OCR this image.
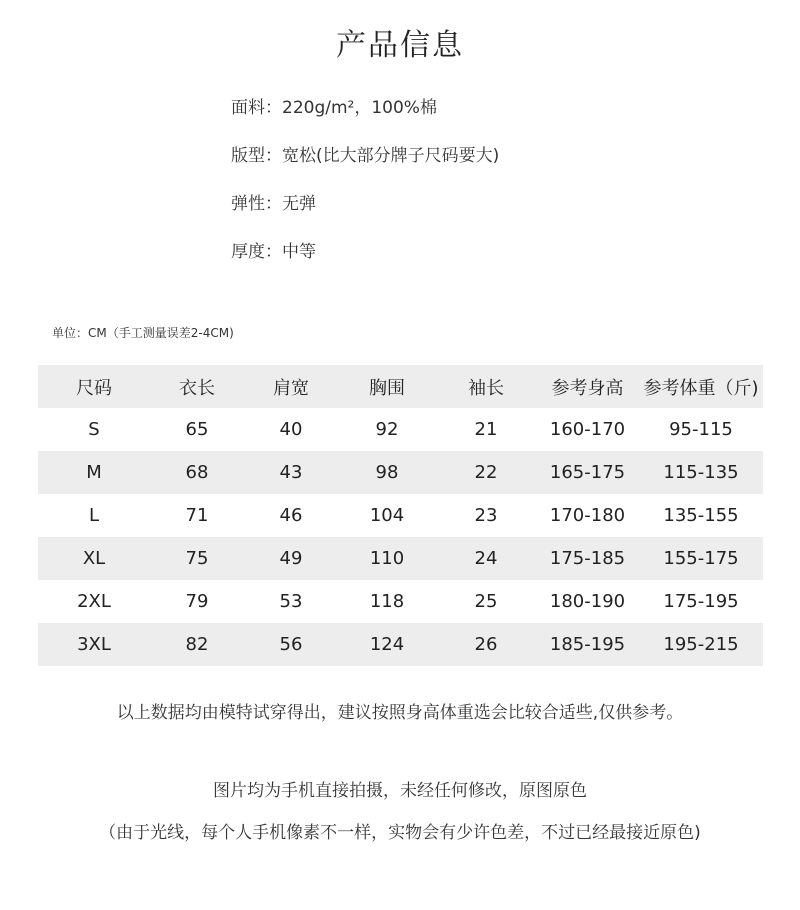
产品信息
面料：220g/m²，100%棉
版型：宽松(比大部分牌子尺码要大)
弹性：无弹
厚度：中等
单位：CM（手工测量误差2-4CM)
尺码	衣长	肩宽	胸围	袖长	参考身高	参考体重（斤)
S	65	40	92	21	160-170	95-115
M	68	43	98	22	165-175	115-135
L	71	46	104	23	170-180	135-155
XL	75	49	110	24	175-185	155-175
2XL	79	53	118	25	180-190	175-195
3XL	82	56	124	26	185-195	195-215
以上数据均由模特试穿得出，建议按照身高体重选会比较合适些,仅供参考。
图片均为手机直接拍摄，未经任何修改，原图原色
（由于光线，每个人手机像素不一样，实物会有少许色差，不过已经最接近原色)
